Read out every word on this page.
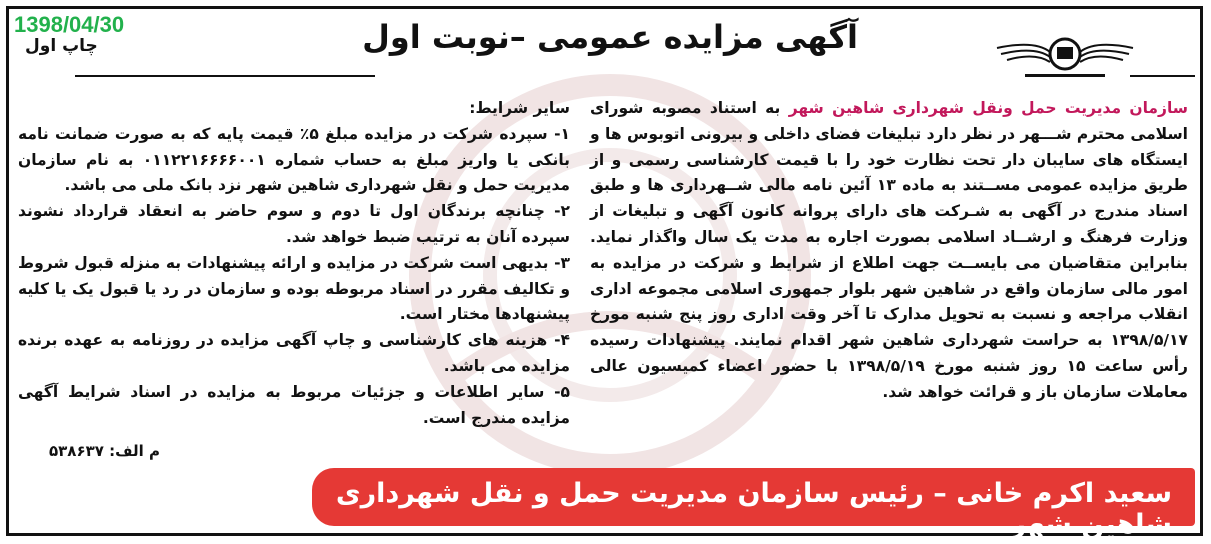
1398/04/30
چاپ اول	آگهی مزایده عمومی –نوبت اول
سازمان مدیریت حمل ونقل شهرداری شاهین شهر به استناد مصوبه شورای اسلامی محترم شـــهر در نظر دارد تبلیغات فضای داخلی و بیرونی اتوبوس ها و ایستگاه های سایبان دار تحت نظارت خود را با قیمت کارشناسی رسمی و از طریق مزایده عمومی مســتند به ماده ۱۳ آئین نامه مالی شــهرداری ها و طبق اسناد مندرج در آگهی به شـرکت های دارای پروانه کانون آگهی و تبلیغات از وزارت فرهنگ و ارشــاد اسلامی بصورت اجاره به مدت یک سال واگذار نماید. بنابراین متقاضیان می بایســت جهت اطلاع از شرایط و شرکت در مزایده به امور مالی سازمان واقع در شاهین شهر بلوار جمهوری اسلامی مجموعه اداری انقلاب مراجعه و نسبت به تحویل مدارک تا آخر وقت اداری روز پنج شنبه مورخ ۱۳۹۸/۵/۱۷ به حراست شهرداری شاهین شهر اقدام نمایند. پیشنهادات رسیده رأس ساعت ۱۵ روز شنبه مورخ ۱۳۹۸/۵/۱۹ با حضور اعضاء کمیسیون عالی معاملات سازمان باز و قرائت خواهد شد.

سایر شرایط:

۱- سپرده شرکت در مزایده مبلغ ۵٪ قیمت پایه که به صورت ضمانت نامه بانکی یا واریز مبلغ به حساب شماره ۰۱۱۲۲۱۶۶۶۶۰۰۱ به نام سازمان مدیریت حمل و نقل شهرداری شاهین شهر نزد بانک ملی می باشد.

۲- چنانچه برندگان اول تا دوم و سوم حاضر به انعقاد قرارداد نشوند سپرده آنان به ترتیب ضبط خواهد شد.

۳- بدیهی است شرکت در مزایده و ارائه پیشنهادات به منزله قبول شروط و تکالیف مقرر در اسناد مربوطه بوده و سازمان در رد یا قبول یک یا کلیه پیشنهادها مختار است.

۴- هزینه های کارشناسی و چاپ آگهی مزایده در روزنامه به عهده برنده مزایده می باشد.

۵- سایر اطلاعات و جزئیات مربوط به مزایده در اسناد شرایط آگهی مزایده مندرج است.

م الف: ۵۳۸۶۳۷
سعید اکرم خانی – رئیس سازمان مدیریت حمل و نقل شهرداری شاهین شهر
